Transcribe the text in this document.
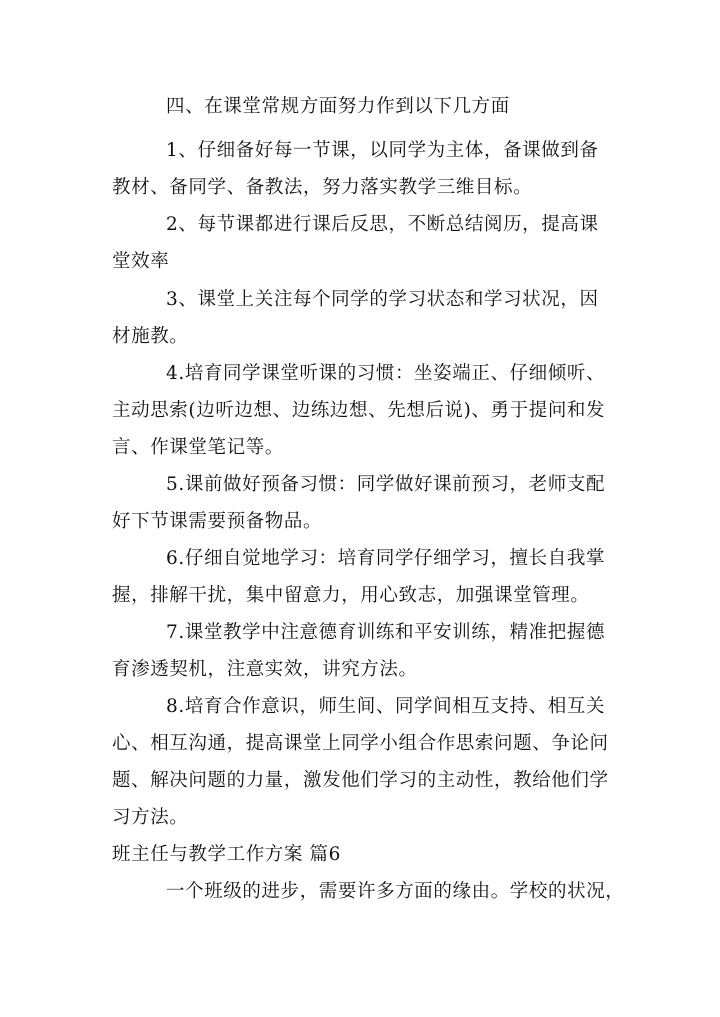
四、在课堂常规方面努力作到以下几方面
1、仔细备好每一节课，以同学为主体，备课做到备
教材、备同学、备教法，努力落实教学三维目标。
2、每节课都进行课后反思，不断总结阅历，提高课
堂效率
3、课堂上关注每个同学的学习状态和学习状况，因
材施教。
4.培育同学课堂听课的习惯：坐姿端正、仔细倾听、
主动思索(边听边想、边练边想、先想后说)、勇于提问和发
言、作课堂笔记等。
5.课前做好预备习惯：同学做好课前预习，老师支配
好下节课需要预备物品。
6.仔细自觉地学习：培育同学仔细学习，擅长自我掌
握，排解干扰，集中留意力，用心致志，加强课堂管理。
7.课堂教学中注意德育训练和平安训练，精准把握德
育渗透契机，注意实效，讲究方法。
8.培育合作意识，师生间、同学间相互支持、相互关
心、相互沟通，提高课堂上同学小组合作思索问题、争论问
题、解决问题的力量，激发他们学习的主动性，教给他们学
习方法。
班主任与教学工作方案 篇6
一个班级的进步，需要许多方面的缘由。学校的状况，
